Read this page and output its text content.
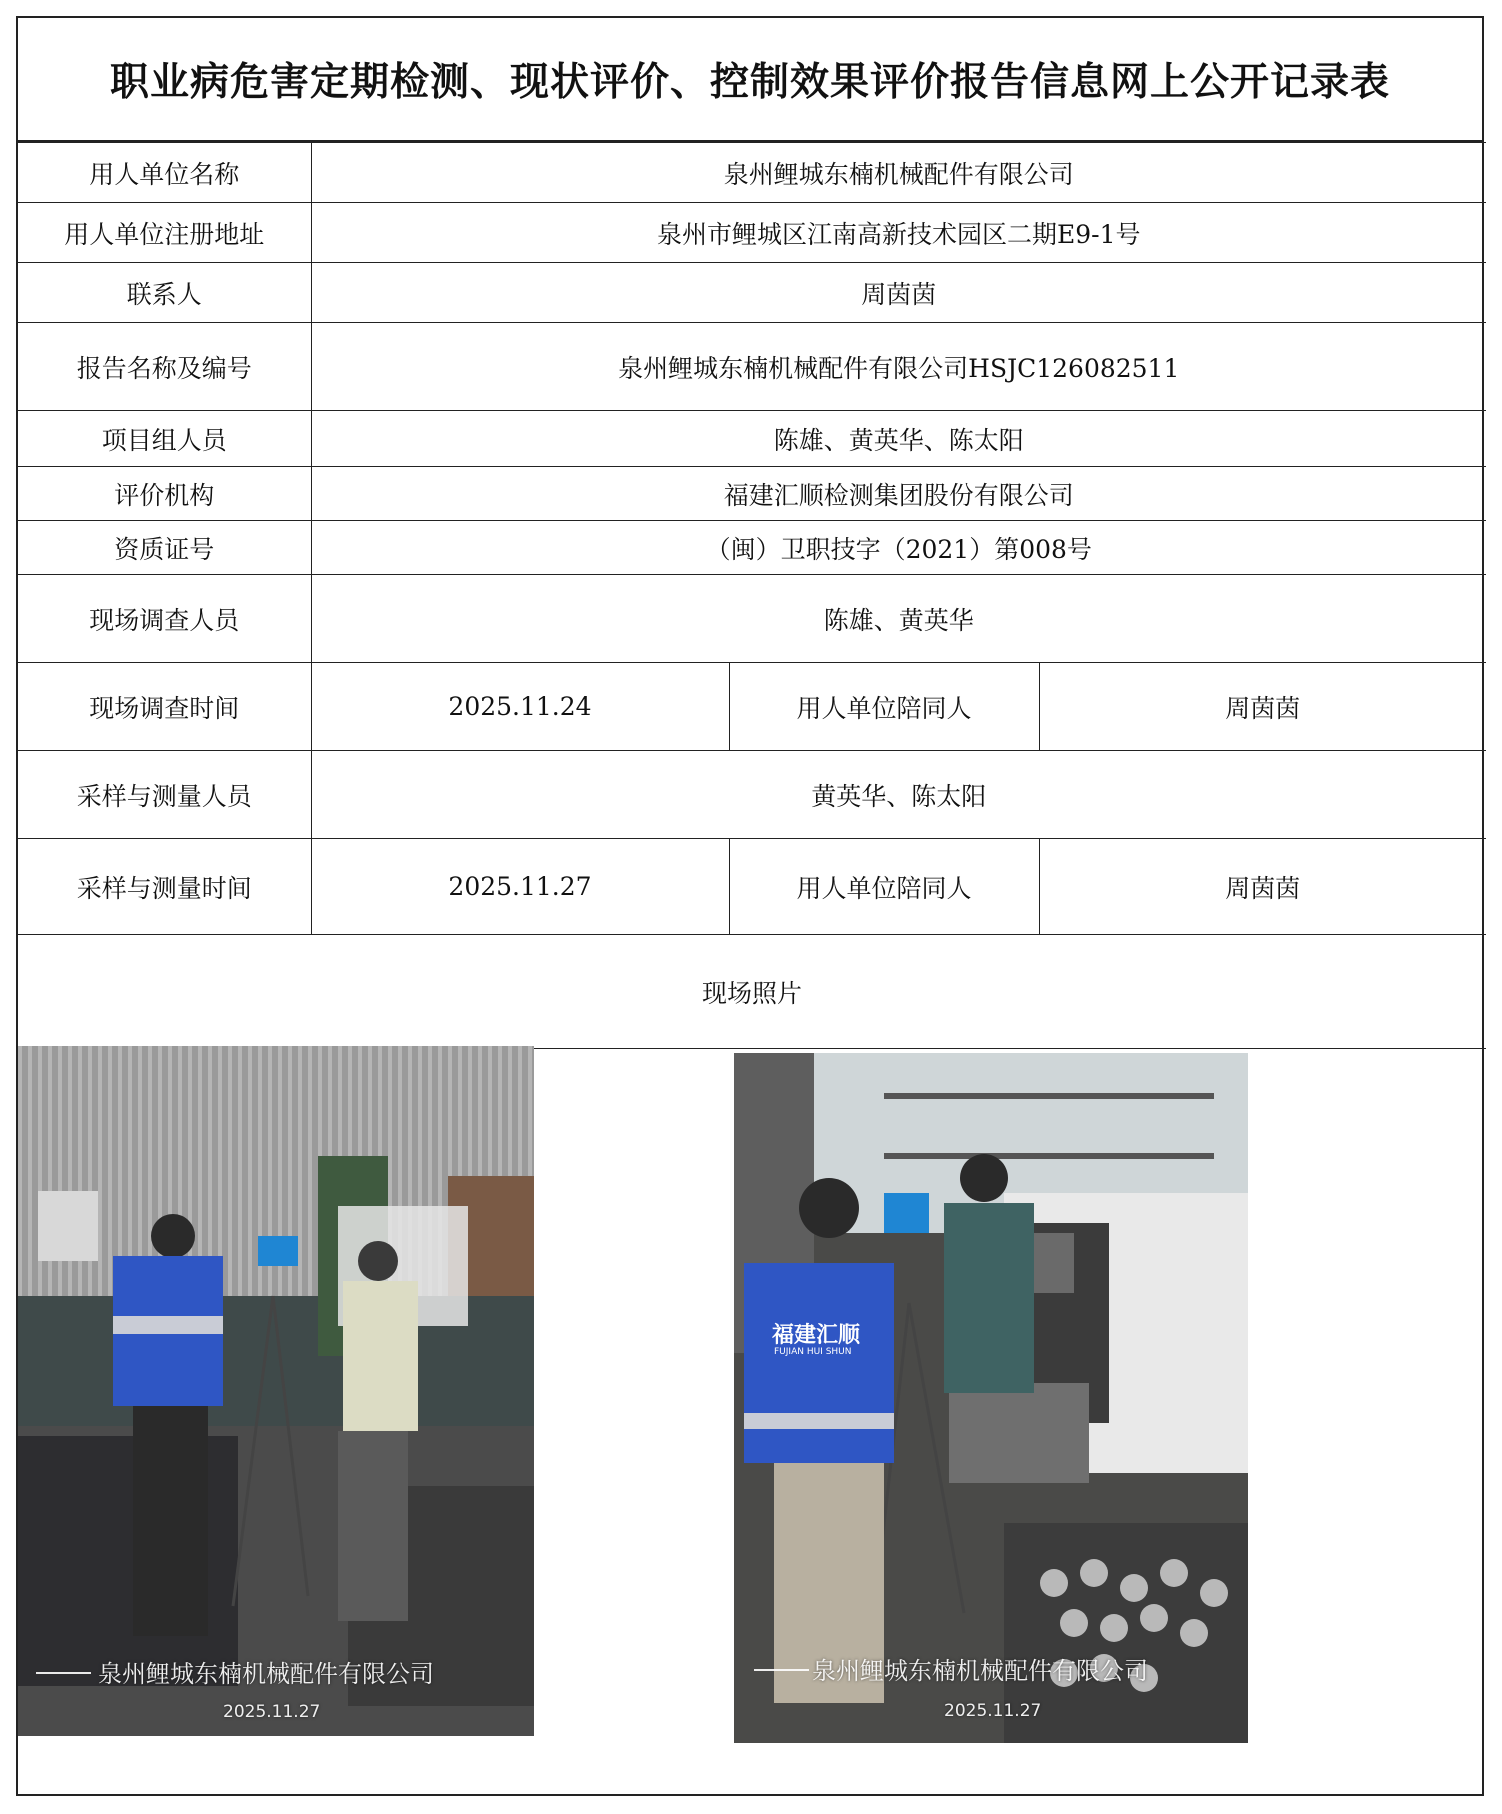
职业病危害定期检测、现状评价、控制效果评价报告信息网上公开记录表
用人单位名称	泉州鲤城东楠机械配件有限公司		
用人单位注册地址	泉州市鲤城区江南高新技术园区二期E9-1号		
联系人	周茵茵		
报告名称及编号	泉州鲤城东楠机械配件有限公司HSJC126082511		
项目组人员	陈雄、黄英华、陈太阳		
评价机构	福建汇顺检测集团股份有限公司		
资质证号	（闽）卫职技字（2021）第008号		
现场调查人员	陈雄、黄英华		
现场调查时间	2025.11.24	用人单位陪同人	周茵茵
采样与测量人员	黄英华、陈太阳		
采样与测量时间	2025.11.27	用人单位陪同人	周茵茵
现场照片			
泉州鲤城东楠机械配件有限公司
2025.11.27
福建汇顺
FUJIAN HUI SHUN
泉州鲤城东楠机械配件有限公司
2025.11.27
